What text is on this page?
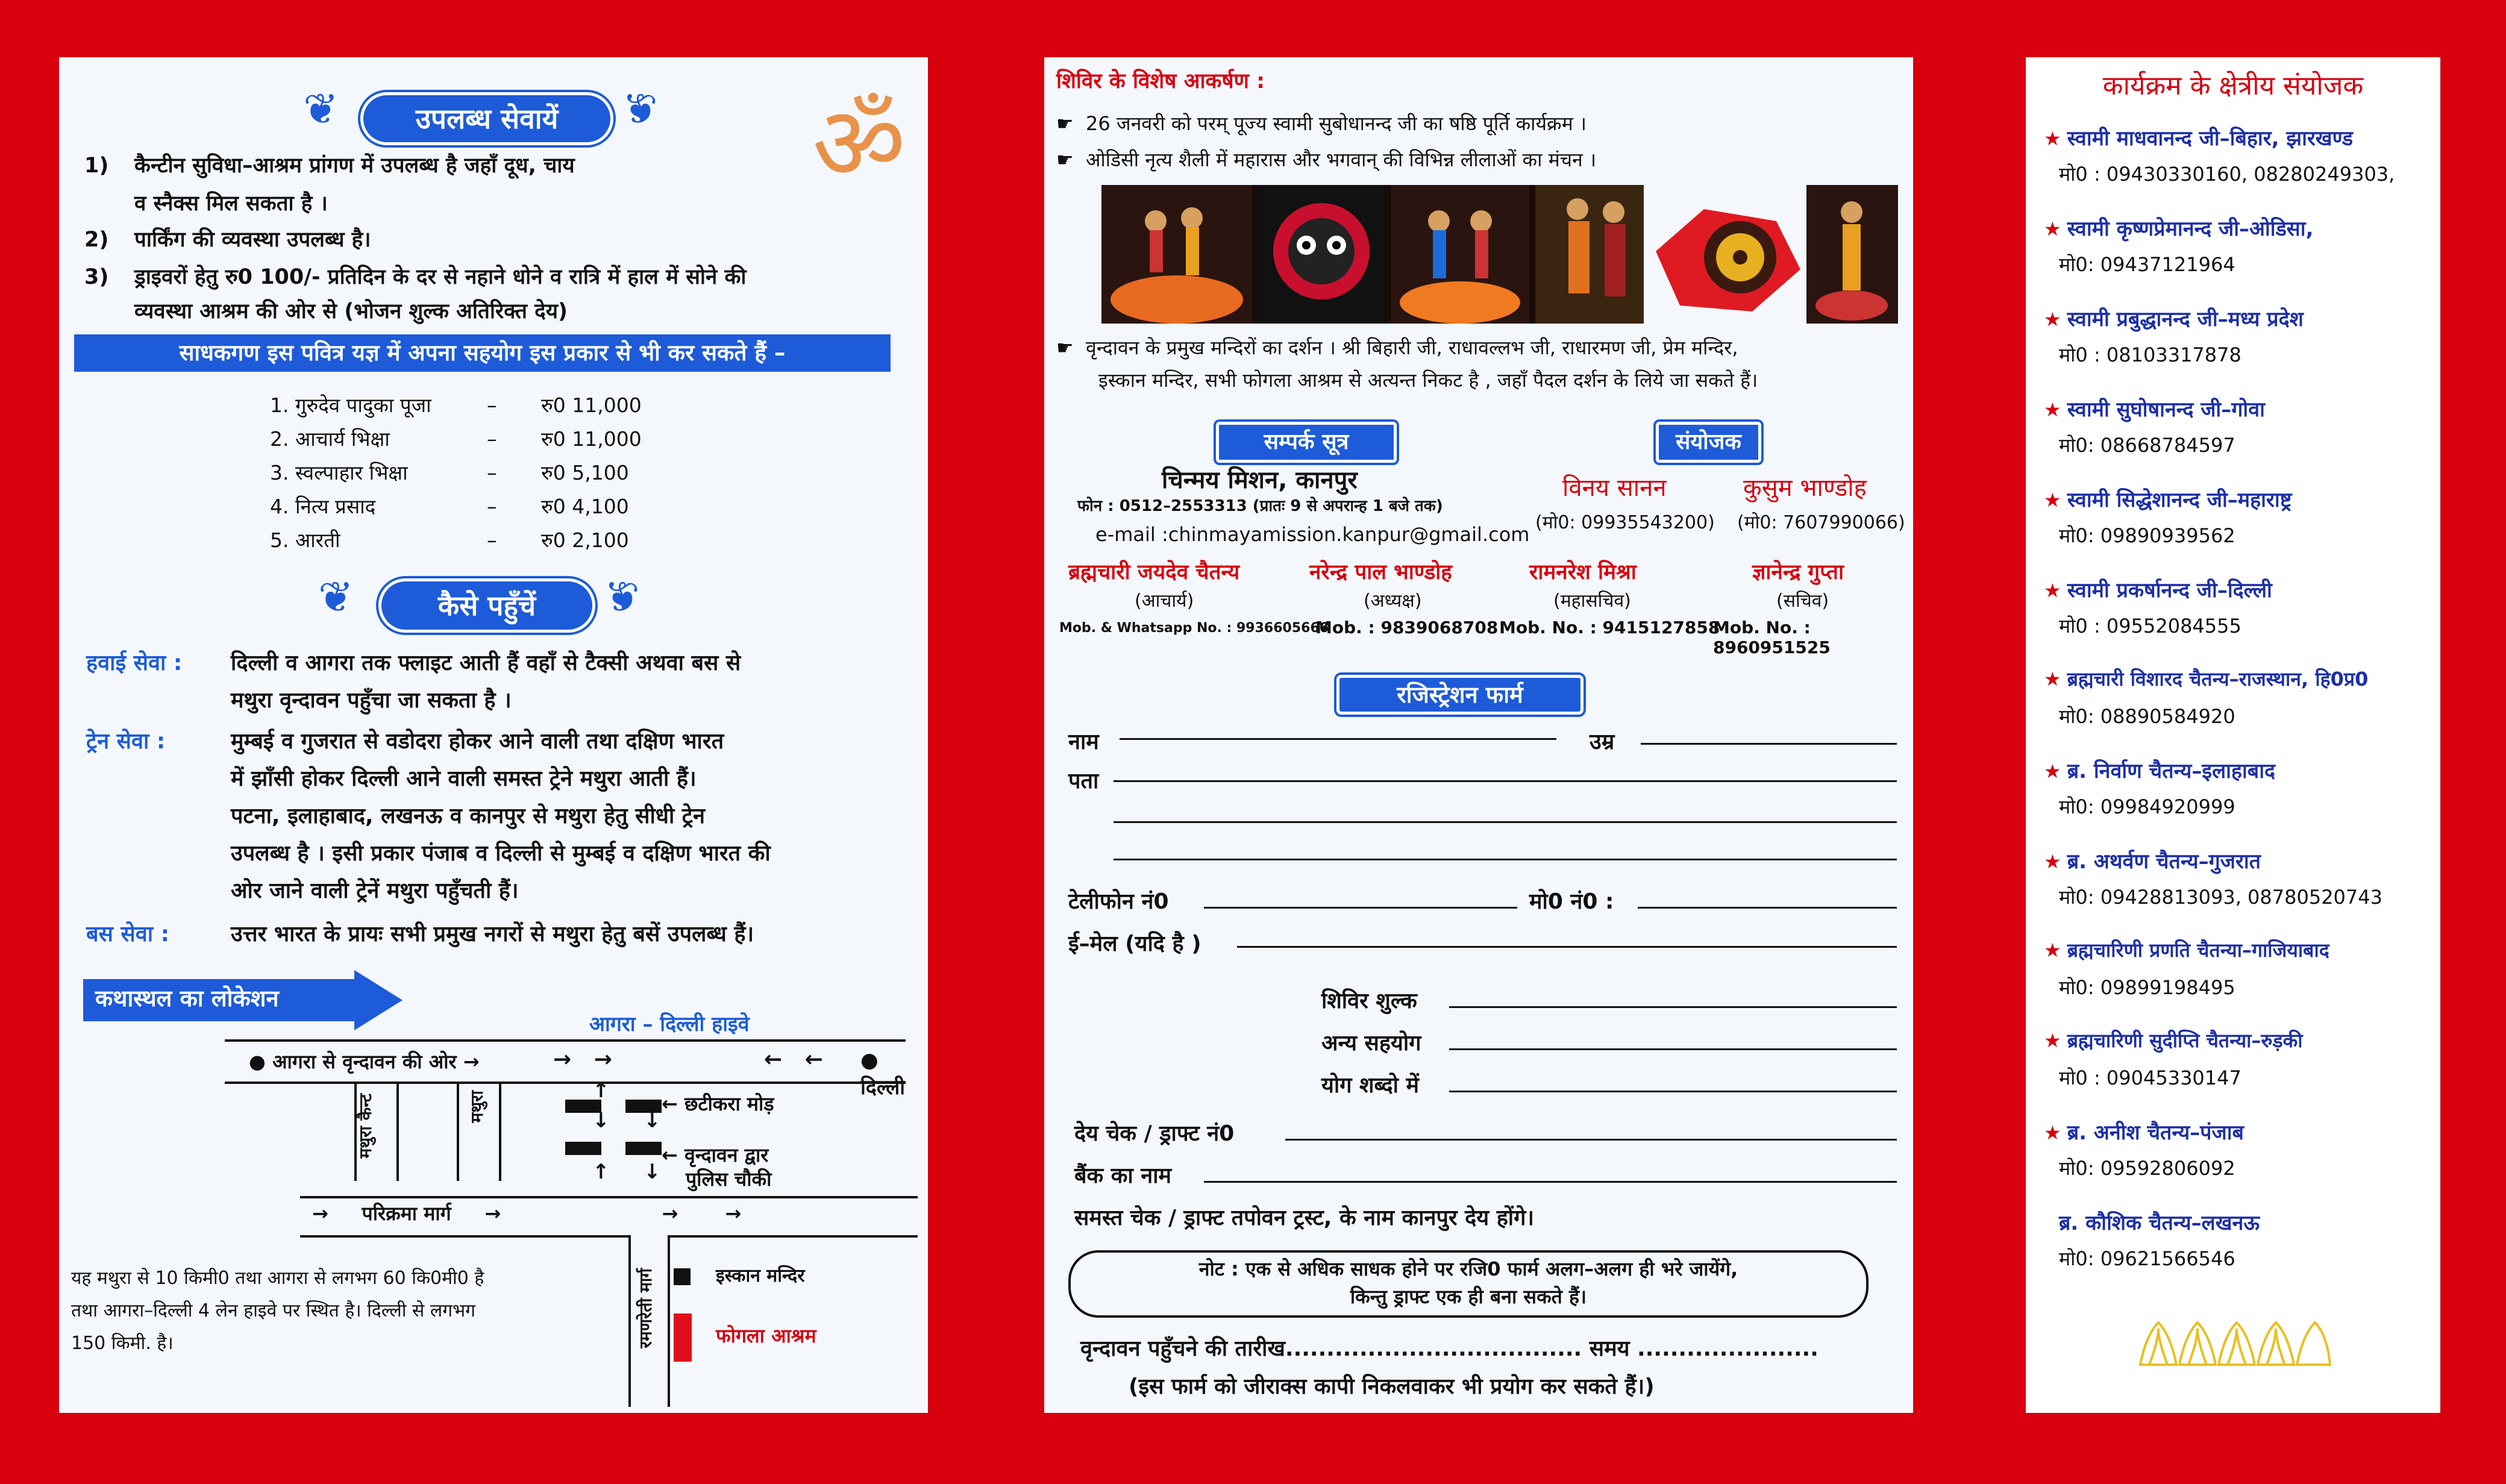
❦	उपलब्ध सेवायें	❦ ॐ
1)	कैन्टीन सुविधा–आश्रम प्रांगण में उपलब्ध है जहाँ दूध, चाय
व स्नैक्स मिल सकता है ।
2)	पार्किंग की व्यवस्था उपलब्ध है।
3)	ड्राइवरों हेतु रु0 100/- प्रतिदिन के दर से नहाने धोने व रात्रि में हाल में सोने की
व्यवस्था आश्रम की ओर से (भोजन शुल्क अतिरिक्त देय)
साधकगण इस पवित्र यज्ञ में अपना सहयोग इस प्रकार से भी कर सकते हैं –
1. गुरुदेव पादुका पूजा	– रु0 11,000
2. आचार्य भिक्षा	– रु0 11,000
3. स्वल्पाहार भिक्षा	– रु0 5,100
4. नित्य प्रसाद	– रु0 4,100
5. आरती	– रु0 2,100
❦	कैसे पहुँचें	❦
हवाई सेवा : दिल्ली व आगरा तक फ्लाइट आती हैं वहाँ से टैक्सी अथवा बस से
मथुरा वृन्दावन पहुँचा जा सकता है ।
ट्रेन सेवा :	मुम्बई व गुजरात से वडोदरा होकर आने वाली तथा दक्षिण भारत
में झाँसी होकर दिल्ली आने वाली समस्त ट्रेने मथुरा आती हैं।
पटना, इलाहाबाद, लखनऊ व कानपुर से मथुरा हेतु सीधी ट्रेन
उपलब्ध है । इसी प्रकार पंजाब व दिल्ली से मुम्बई व दक्षिण भारत की
ओर जाने वाली ट्रेनें मथुरा पहुँचती हैं।
बस सेवा :	उत्तर भारत के प्रायः सभी प्रमुख नगरों से मथुरा हेतु बसें उपलब्ध हैं।
कथास्थल का लोकेशन
आगरा – दिल्ली हाइवे
● आगरा से वृन्दावन की ओर →	→   →	←   ← ● दिल्ली
मथुरा कैन्ट	मथुरा	↓
↑
↑
↓
↓
← छटीकरा मोड़
← वृन्दावन द्वार
पुलिस चौकी
→     परिक्रमा मार्ग     →                        →       →
रमणरेती मार्ग	इस्कान मन्दिर
फोगला आश्रम
यह मथुरा से 10 किमी0 तथा आगरा से लगभग 60 कि0मी0 है
तथा आगरा–दिल्ली 4 लेन हाइवे पर स्थित है। दिल्ली से लगभग
150 किमी. है।
शिविर के विशेष आकर्षण :
☛ 26 जनवरी को परम् पूज्य स्वामी सुबोधानन्द जी का षष्ठि पूर्ति कार्यक्रम ।
☛ ओडिसी नृत्य शैली में महारास और भगवान् की विभिन्न लीलाओं का मंचन ।
☛ वृन्दावन के प्रमुख मन्दिरों का दर्शन । श्री बिहारी जी, राधावल्लभ जी, राधारमण जी, प्रेम मन्दिर,
इस्कान मन्दिर, सभी फोगला आश्रम से अत्यन्त निकट है , जहाँ पैदल दर्शन के लिये जा सकते हैं।
सम्पर्क सूत्र	संयोजक
चिन्मय मिशन, कानपुर
फोन : 0512–2553313 (प्रातः 9 से अपरान्ह 1 बजे तक)
e-mail :chinmayamission.kanpur@gmail.com
विनय सानन
(मो0: 09935543200)
कुसुम भाण्डोह
(मो0: 7607990066)
ब्रह्मचारी जयदेव चैतन्य
(आचार्य)
Mob. & Whatsapp No. : 9936605666
नरेन्द्र पाल भाण्डोह
(अध्यक्ष)
Mob. : 9839068708
रामनरेश मिश्रा
(महासचिव)
Mob. No. : 9415127858
ज्ञानेन्द्र गुप्ता
(सचिव)
Mob. No. : 8960951525
रजिस्ट्रेशन फार्म
नाम	उम्र
पता
टेलीफोन नं0	मो0 नं0 :
ई–मेल (यदि है )
शिविर शुल्क
अन्य सहयोग
योग शब्दो में
देय चेक / ड्राफ्ट नं0
बैंक का नाम
समस्त चेक / ड्राफ्ट तपोवन ट्रस्ट, के नाम कानपुर देय होंगे।
नोट : एक से अधिक साधक होने पर रजि0 फार्म अलग–अलग ही भरे जायेंगे,
किन्तु ड्राफ्ट एक ही बना सकते हैं।
वृन्दावन पहुँचने की तारीख.................................... समय ......................
(इस फार्म को जीराक्स कापी निकलवाकर भी प्रयोग कर सकते हैं।)
कार्यक्रम के क्षेत्रीय संयोजक
★ स्वामी माधवानन्द जी–बिहार, झारखण्ड
मो0 : 09430330160, 08280249303,
★ स्वामी कृष्णप्रेमानन्द जी–ओडिसा,
मो0: 09437121964
★ स्वामी प्रबुद्धानन्द जी–मध्य प्रदेश
मो0 : 08103317878
★ स्वामी सुघोषानन्द जी–गोवा
मो0: 08668784597
★ स्वामी सिद्धेशानन्द जी–महाराष्ट्र
मो0: 09890939562
★ स्वामी प्रकर्षानन्द जी–दिल्ली
मो0 : 09552084555
★ ब्रह्मचारी विशारद चैतन्य–राजस्थान, हि0प्र0
मो0: 08890584920
★ ब्र. निर्वाण चैतन्य–इलाहाबाद
मो0: 09984920999
★ ब्र. अथर्वण चैतन्य–गुजरात
मो0: 09428813093, 08780520743
★ ब्रह्मचारिणी प्रणति चैतन्या–गाजियाबाद
मो0: 09899198495
★ ब्रह्मचारिणी सुदीप्ति चैतन्या–रुड़की
मो0 : 09045330147
★ ब्र. अनीश चैतन्य–पंजाब
मो0: 09592806092
ब्र. कौशिक चैतन्य–लखनऊ
मो0: 09621566546
